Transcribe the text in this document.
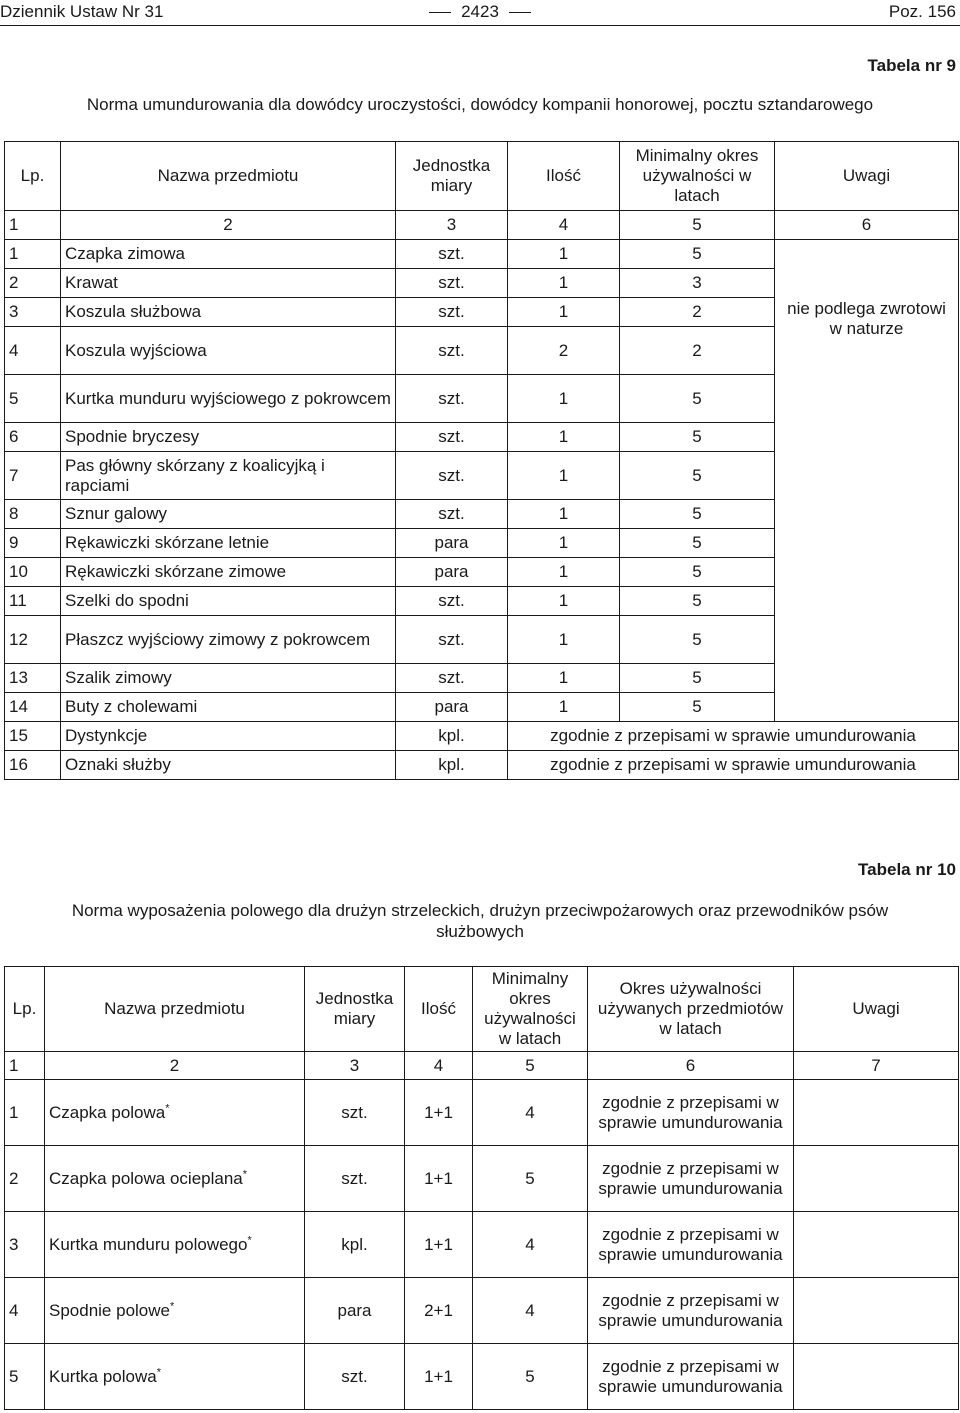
Dziennik Ustaw Nr 31	2423	Poz. 156
Tabela nr 9
Norma umundurowania dla dowódcy uroczystości, dowódcy kompanii honorowej, pocztu sztandarowego
Lp.	Nazwa przedmiotu	Jednostka miary	Ilość	Minimalny okres używalności w latach	Uwagi
1	2	3	4	5	6
1	Czapka zimowa	szt.	1	5	nie podlega zwrotowi w naturze

2	Krawat	szt.	1	3	
3	Koszula służbowa	szt.	1	2	
4	Koszula wyjściowa	szt.	2	2	
5	Kurtka munduru wyjściowego z pokrowcem	szt.	1	5	
6	Spodnie bryczesy	szt.	1	5	
7	Pas główny skórzany z koalicyjką i rapciami	szt.	1	5	
8	Sznur galowy	szt.	1	5	
9	Rękawiczki skórzane letnie	para	1	5	
10	Rękawiczki skórzane zimowe	para	1	5	
11	Szelki do spodni	szt.	1	5	
12	Płaszcz wyjściowy zimowy z pokrowcem	szt.	1	5	
13	Szalik zimowy	szt.	1	5	
14	Buty z cholewami	para	1	5	
15	Dystynkcje	kpl.	zgodnie z przepisami w sprawie umundurowania		
16	Oznaki służby	kpl.	zgodnie z przepisami w sprawie umundurowania		
Tabela nr 10
Norma wyposażenia polowego dla drużyn strzeleckich, drużyn przeciwpożarowych oraz przewodników psów służbowych
Lp.	Nazwa przedmiotu	Jednostka miary	Ilość	Minimalny okres używalności w latach	Okres używalności używanych przedmiotów w latach	Uwagi
1	2	3	4	5	6	7
1	Czapka polowa*	szt.	1+1	4	zgodnie z przepisami w sprawie umundurowania	
2	Czapka polowa ocieplana*	szt.	1+1	5	zgodnie z przepisami w sprawie umundurowania	
3	Kurtka munduru polowego*	kpl.	1+1	4	zgodnie z przepisami w sprawie umundurowania	
4	Spodnie polowe*	para	2+1	4	zgodnie z przepisami w sprawie umundurowania	
5	Kurtka polowa*	szt.	1+1	5	zgodnie z przepisami w sprawie umundurowania	
